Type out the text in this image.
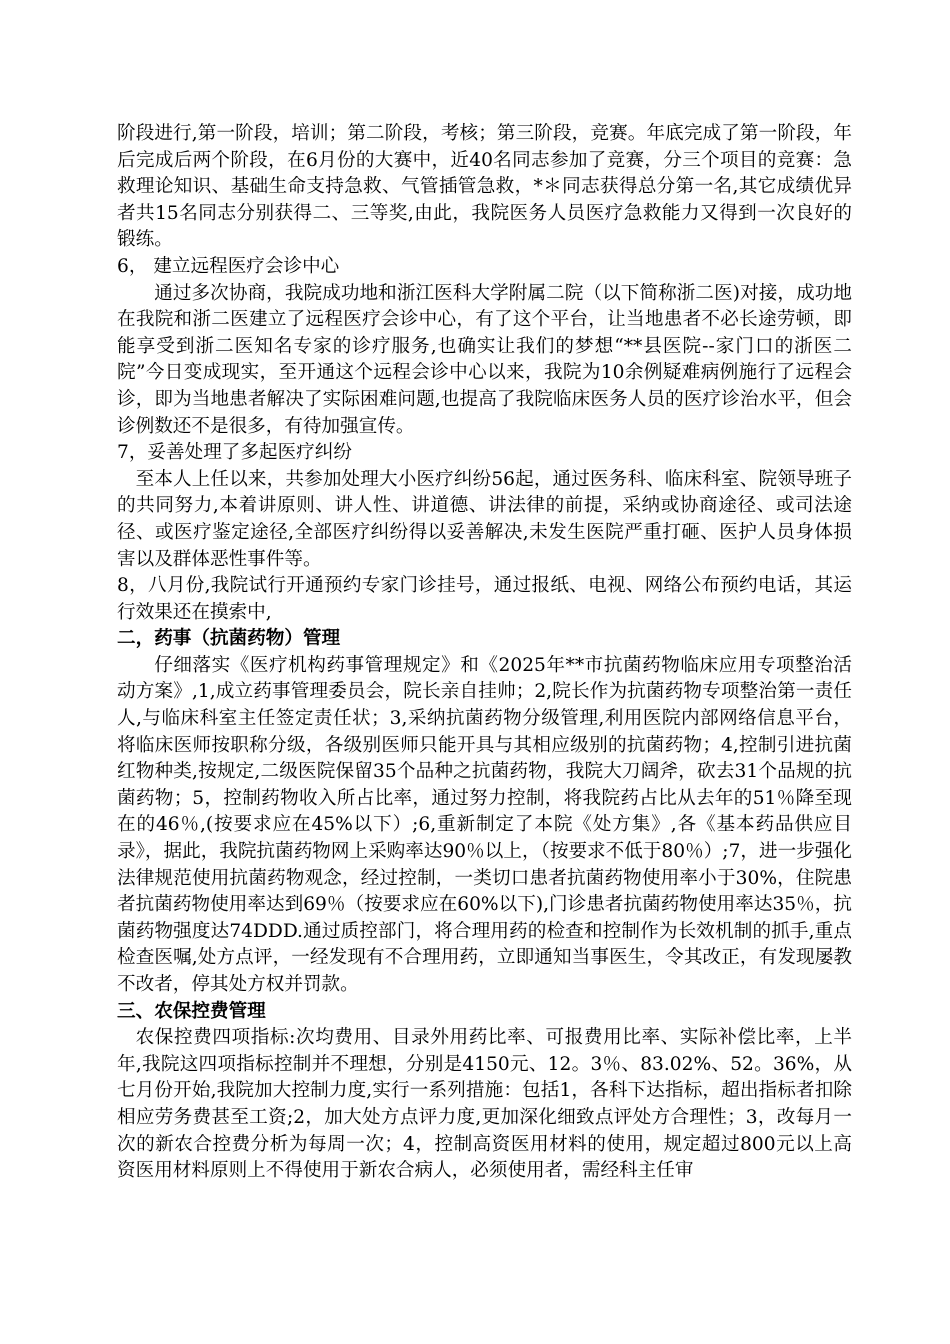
阶段进行,第一阶段，培训；第二阶段，考核；第三阶段，竞赛。年底完成了第一阶段，年后完成后两个阶段，在6月份的大赛中，近40名同志参加了竞赛，分三个项目的竞赛：急救理论知识、基础生命支持急救、气管插管急救，*＊同志获得总分第一名,其它成绩优异者共15名同志分别获得二、三等奖,由此，我院医务人员医疗急救能力又得到一次良好的锻练。

6， 建立远程医疗会诊中心

通过多次协商，我院成功地和浙江医科大学附属二院（以下简称浙二医)对接，成功地在我院和浙二医建立了远程医疗会诊中心，有了这个平台，让当地患者不必长途劳顿，即能享受到浙二医知名专家的诊疗服务,也确实让我们的梦想“**县医院--家门口的浙医二院”今日变成现实，至开通这个远程会诊中心以来，我院为10余例疑难病例施行了远程会诊，即为当地患者解决了实际困难问题,也提高了我院临床医务人员的医疗诊治水平，但会诊例数还不是很多，有待加强宣传。

7，妥善处理了多起医疗纠纷

至本人上任以来，共参加处理大小医疗纠纷56起，通过医务科、临床科室、院领导班子的共同努力,本着讲原则、讲人性、讲道德、讲法律的前提，采纳或协商途径、或司法途径、或医疗鉴定途径,全部医疗纠纷得以妥善解决,未发生医院严重打砸、医护人员身体损害以及群体恶性事件等。

8，八月份,我院试行开通预约专家门诊挂号，通过报纸、电视、网络公布预约电话，其运行效果还在摸索中,

二，药事（抗菌药物）管理

仔细落实《医疗机构药事管理规定》和《2025年**市抗菌药物临床应用专项整治活动方案》,1,成立药事管理委员会，院长亲自挂帅；2,院长作为抗菌药物专项整治第一责任人,与临床科室主任签定责任状；3,采纳抗菌药物分级管理,利用医院内部网络信息平台，将临床医师按职称分级，各级别医师只能开具与其相应级别的抗菌药物；4,控制引进抗菌红物种类,按规定,二级医院保留35个品种之抗菌药物，我院大刀阔斧，砍去31个品规的抗菌药物；5，控制药物收入所占比率，通过努力控制，将我院药占比从去年的51％降至现在的46％,(按要求应在45%以下）;6,重新制定了本院《处方集》,各《基本药品供应目录》，据此，我院抗菌药物网上采购率达90％以上，（按要求不低于80％）;7，进一步强化法律规范使用抗菌药物观念，经过控制，一类切口患者抗菌药物使用率小于30%，住院患者抗菌药物使用率达到69％（按要求应在60%以下),门诊患者抗菌药物使用率达35％，抗菌药物强度达74DDD.通过质控部门，将合理用药的检查和控制作为长效机制的抓手,重点检查医嘱,处方点评，一经发现有不合理用药，立即通知当事医生，令其改正，有发现屡教不改者，停其处方权并罚款。

三、农保控费管理

农保控费四项指标:次均费用、目录外用药比率、可报费用比率、实际补偿比率，上半年,我院这四项指标控制并不理想，分别是4150元、12。3％、83.02%、52。36%，从七月份开始,我院加大控制力度,实行一系列措施：包括1，各科下达指标，超出指标者扣除相应劳务费甚至工资;2，加大处方点评力度,更加深化细致点评处方合理性；3，改每月一次的新农合控费分析为每周一次；4，控制高资医用材料的使用，规定超过800元以上高资医用材料原则上不得使用于新农合病人，必须使用者，需经科主任审
